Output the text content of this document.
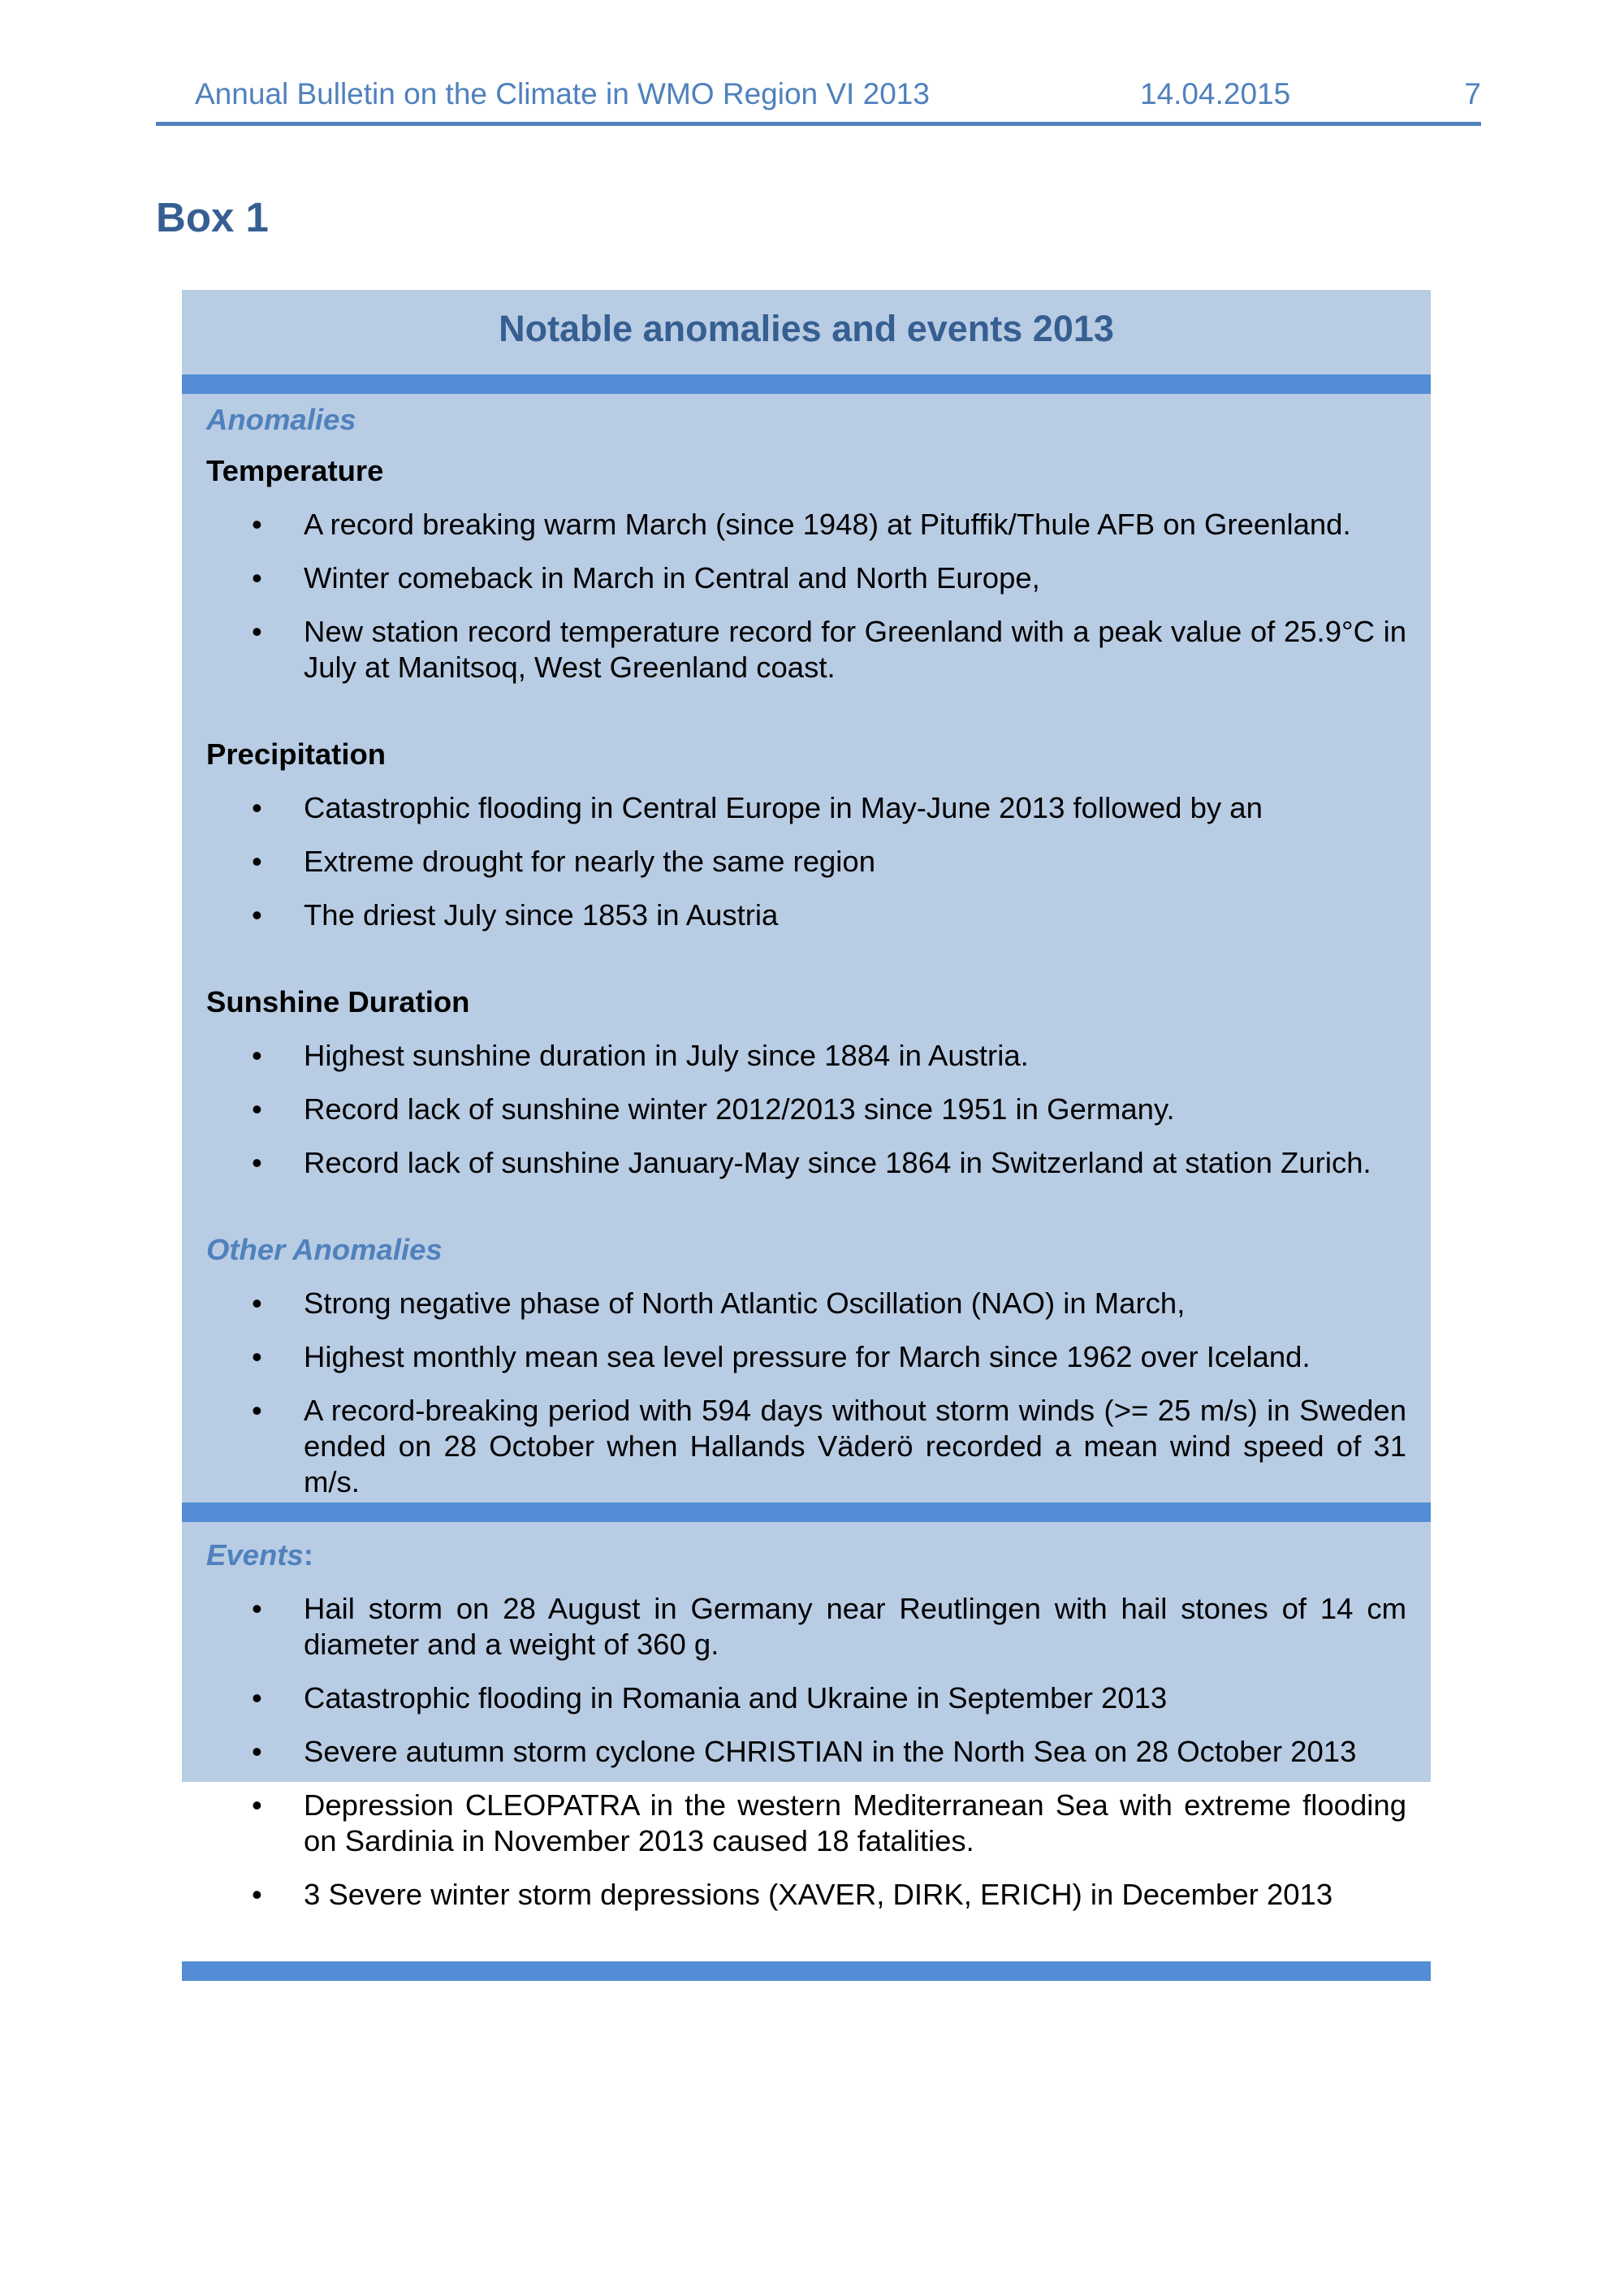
Annual Bulletin on the Climate in WMO Region VI 2013	14.04.2015	7
Box 1
Notable anomalies and events 2013
Anomalies
Temperature
• A record breaking warm March (since 1948) at Pituffik/Thule AFB on Greenland.
• Winter comeback in March in Central and North Europe,
• New station record temperature record for Greenland with a peak value of 25.9°C in July at Manitsoq, West Greenland coast.
Precipitation
• Catastrophic flooding in Central Europe in May-June 2013 followed by an
• Extreme drought for nearly the same region
• The driest July since 1853 in Austria
Sunshine Duration
• Highest sunshine duration in July since 1884 in Austria.
• Record lack of sunshine winter 2012/2013 since 1951 in Germany.
• Record lack of sunshine January-May since 1864 in Switzerland at station Zurich.
Other Anomalies
• Strong negative phase of North Atlantic Oscillation (NAO) in March,
• Highest monthly mean sea level pressure for March since 1962 over Iceland.
• A record-breaking period with 594 days without storm winds (>= 25 m/s) in Sweden ended on 28 October when Hallands Väderö recorded a mean wind speed of 31 m/s.
Events:
• Hail storm on 28 August in Germany near Reutlingen with hail stones of 14 cm diameter and a weight of 360 g.
• Catastrophic flooding in Romania and Ukraine in September 2013
• Severe autumn storm cyclone CHRISTIAN in the North Sea on 28 October 2013
• Depression CLEOPATRA in the western Mediterranean Sea with extreme flooding on Sardinia in November 2013 caused 18 fatalities.
• 3 Severe winter storm depressions (XAVER, DIRK, ERICH) in December 2013
